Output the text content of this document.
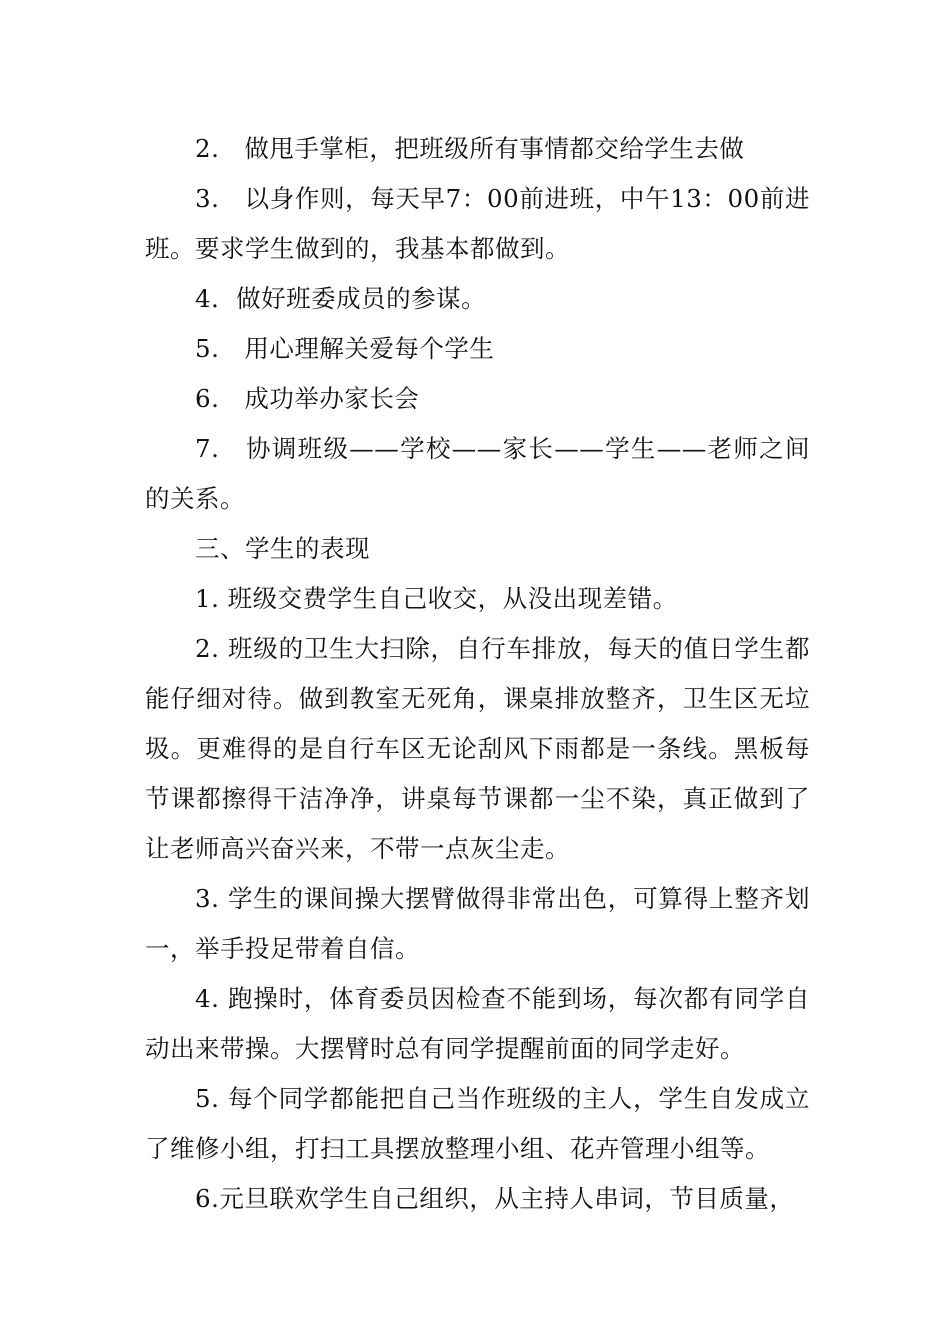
2.　做甩手掌柜，把班级所有事情都交给学生去做

3.　以身作则，每天早7：00前进班，中午13：00前进班。要求学生做到的，我基本都做到。

4．做好班委成员的参谋。

5.　用心理解关爱每个学生

6.　成功举办家长会

7.　协调班级——学校——家长——学生——老师之间的关系。

三、学生的表现

1. 班级交费学生自己收交，从没出现差错。

2. 班级的卫生大扫除，自行车排放，每天的值日学生都能仔细对待。做到教室无死角，课桌排放整齐，卫生区无垃圾。更难得的是自行车区无论刮风下雨都是一条线。黑板每节课都擦得干洁净净，讲桌每节课都一尘不染，真正做到了让老师高兴奋兴来，不带一点灰尘走。

3. 学生的课间操大摆臂做得非常出色，可算得上整齐划一，举手投足带着自信。

4. 跑操时，体育委员因检查不能到场，每次都有同学自动出来带操。大摆臂时总有同学提醒前面的同学走好。

5. 每个同学都能把自己当作班级的主人，学生自发成立了维修小组，打扫工具摆放整理小组、花卉管理小组等。

6.元旦联欢学生自己组织，从主持人串词，节目质量，
